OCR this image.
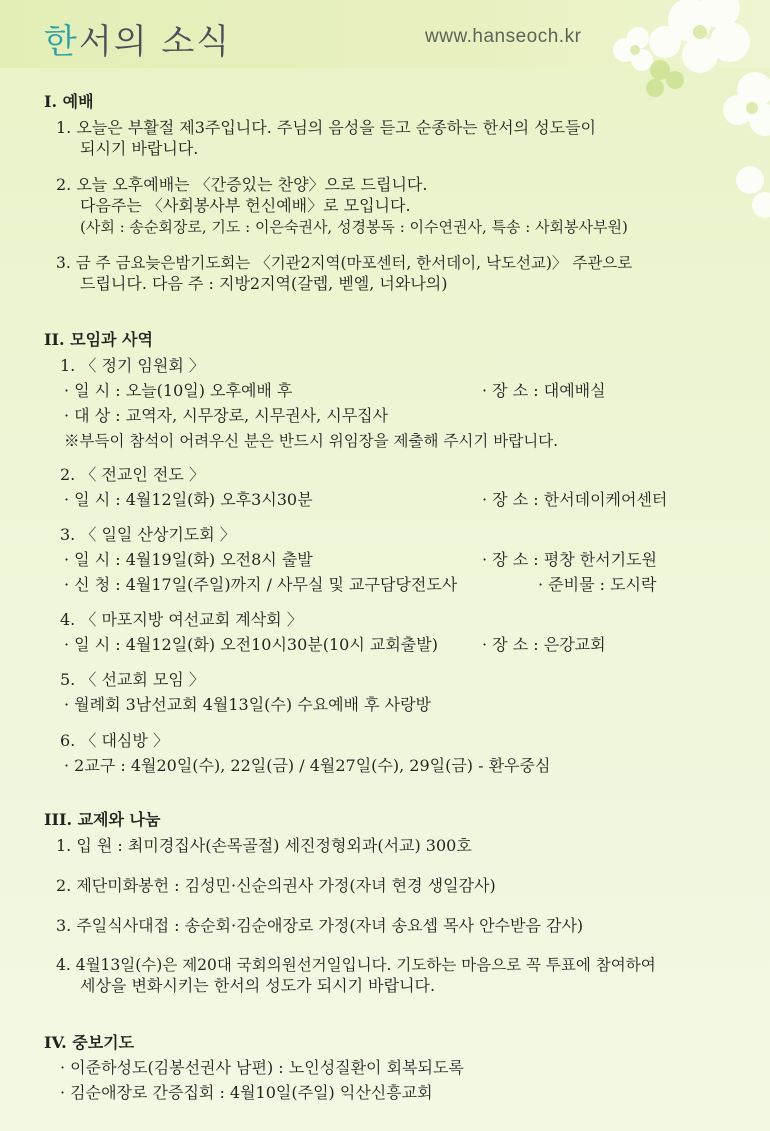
한서의 소식	www.hanseoch.kr
I. 예배
1. 오늘은 부활절 제3주입니다. 주님의 음성을 듣고 순종하는 한서의 성도들이
되시기 바랍니다.
2. 오늘 오후예배는 〈간증있는 찬양〉으로 드립니다.
다음주는 〈사회봉사부 헌신예배〉로 모입니다.
(사회 : 송순회장로, 기도 : 이은숙권사, 성경봉독 : 이수연권사, 특송 : 사회봉사부원)
3. 금 주 금요늦은밤기도회는 〈기관2지역(마포센터, 한서데이, 낙도선교)〉 주관으로
드립니다. 다음 주 : 지방2지역(갈렙, 벧엘, 너와나의)
II. 모임과 사역
1. 〈 정기 임원회 〉
· 일 시 : 오늘(10일) 오후예배 후	· 장 소 : 대예배실
· 대 상 : 교역자, 시무장로, 시무권사, 시무집사
※부득이 참석이 어려우신 분은 반드시 위임장을 제출해 주시기 바랍니다.
2. 〈 전교인 전도 〉
· 일 시 : 4월12일(화) 오후3시30분	· 장 소 : 한서데이케어센터
3. 〈 일일 산상기도회 〉
· 일 시 : 4월19일(화) 오전8시 출발	· 장 소 : 평창 한서기도원
· 신 청 : 4월17일(주일)까지 / 사무실 및 교구담당전도사	· 준비물 : 도시락
4. 〈 마포지방 여선교회 계삭회 〉
· 일 시 : 4월12일(화) 오전10시30분(10시 교회출발)	· 장 소 : 은강교회
5. 〈 선교회 모임 〉
· 월례회 3남선교회 4월13일(수) 수요예배 후 사랑방
6. 〈 대심방 〉
· 2교구 : 4월20일(수), 22일(금) / 4월27일(수), 29일(금) - 환우중심
III. 교제와 나눔
1. 입 원 : 최미경집사(손목골절) 세진정형외과(서교) 300호
2. 제단미화봉헌 : 김성민·신순의권사 가정(자녀 현경 생일감사)
3. 주일식사대접 : 송순회·김순애장로 가정(자녀 송요셉 목사 안수받음 감사)
4. 4월13일(수)은 제20대 국회의원선거일입니다. 기도하는 마음으로 꼭 투표에 참여하여
세상을 변화시키는 한서의 성도가 되시기 바랍니다.
IV. 중보기도
· 이준하성도(김봉선권사 남편) : 노인성질환이 회복되도록
· 김순애장로 간증집회 : 4월10일(주일) 익산신흥교회
